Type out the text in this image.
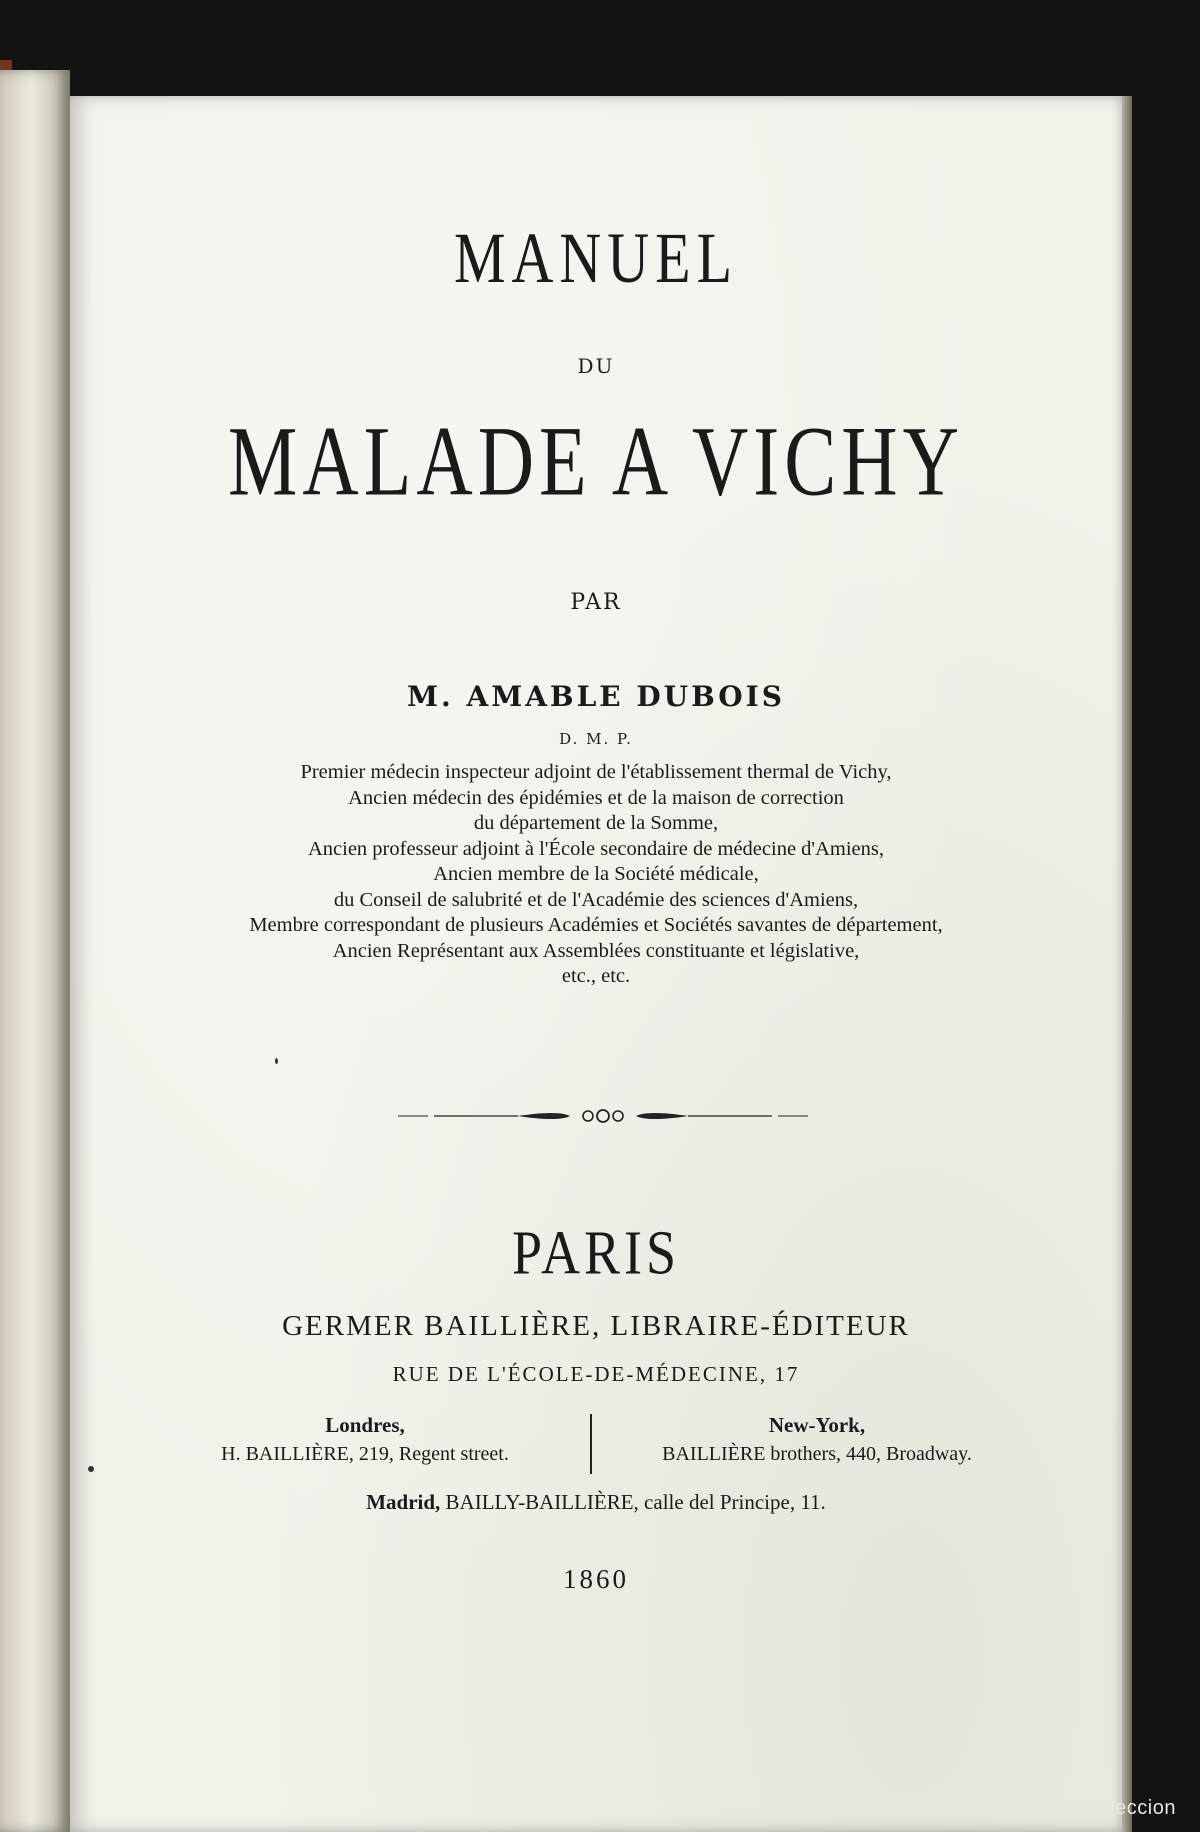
MANUEL
DU
MALADE A VICHY
PAR
M. AMABLE DUBOIS
D. M. P.
Premier médecin inspecteur adjoint de l'établissement thermal de Vichy,
Ancien médecin des épidémies et de la maison de correction
du département de la Somme,
Ancien professeur adjoint à l'École secondaire de médecine d'Amiens,
Ancien membre de la Société médicale,
du Conseil de salubrité et de l'Académie des sciences d'Amiens,
Membre correspondant de plusieurs Académies et Sociétés savantes de département,
Ancien Représentant aux Assemblées constituante et législative,
etc., etc.
PARIS
GERMER BAILLIÈRE, LIBRAIRE-ÉDITEUR
RUE DE L'ÉCOLE-DE-MÉDECINE, 17
Londres,
H. BAILLIÈRE, 219, Regent street.
New-York,
BAILLIÈRE brothers, 440, Broadway.
Madrid, BAILLY-BAILLIÈRE, calle del Principe, 11.
1860
todocoleccion
